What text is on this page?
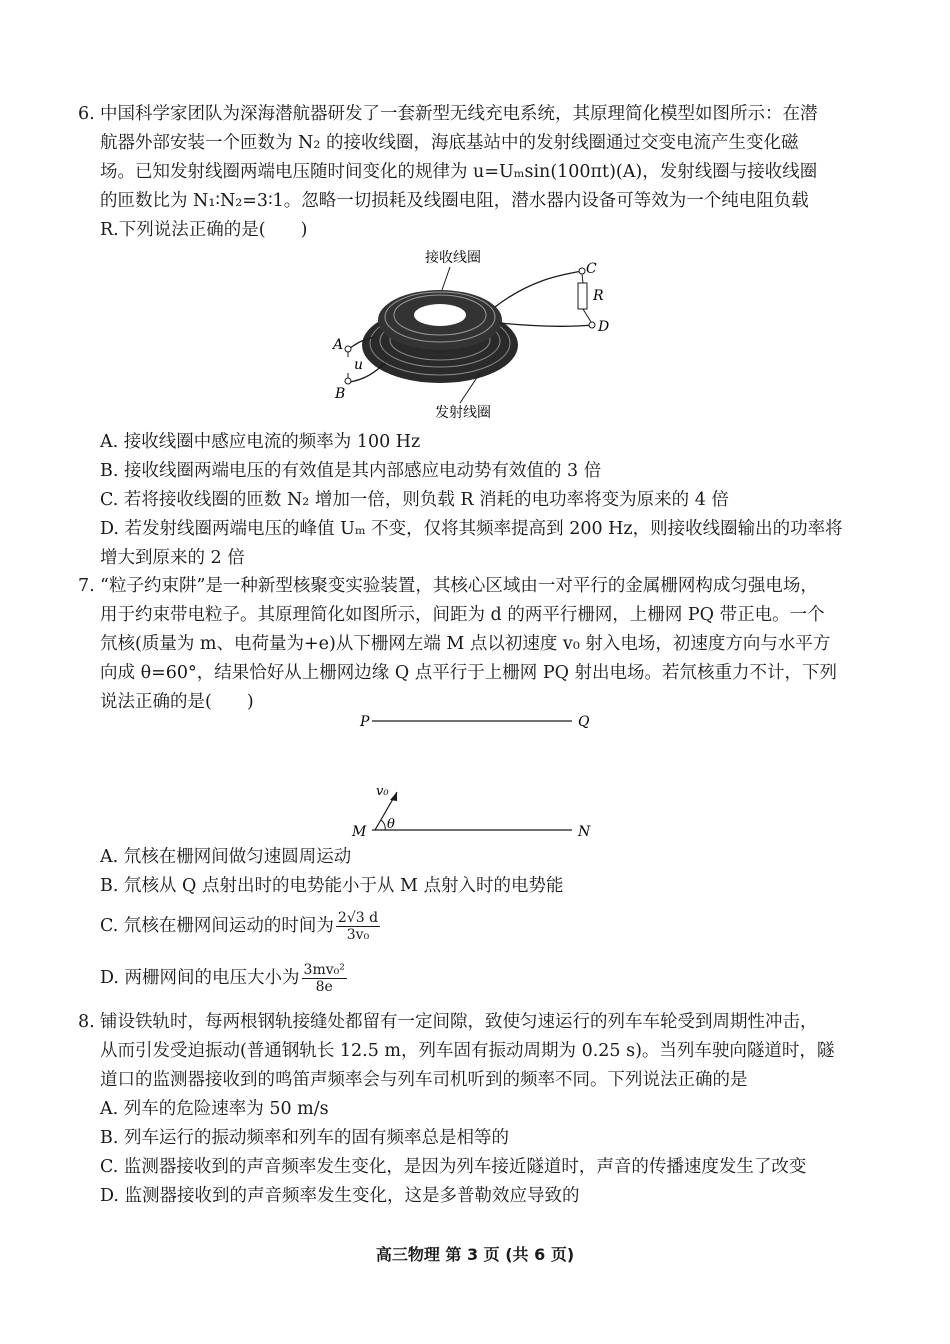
6. 中国科学家团队为深海潜航器研发了一套新型无线充电系统，其原理简化模型如图所示：在潜
航器外部安装一个匝数为 N₂ 的接收线圈，海底基站中的发射线圈通过交变电流产生变化磁
场。已知发射线圈两端电压随时间变化的规律为 u=Uₘsin(100πt)(A)，发射线圈与接收线圈
的匝数比为 N₁∶N₂=3∶1。忽略一切损耗及线圈电阻，潜水器内设备可等效为一个纯电阻负载
R.下列说法正确的是(　　)
接收线圈
发射线圈
A
B
C
D
R
u
A. 接收线圈中感应电流的频率为 100 Hz
B. 接收线圈两端电压的有效值是其内部感应电动势有效值的 3 倍
C. 若将接收线圈的匝数 N₂ 增加一倍，则负载 R 消耗的电功率将变为原来的 4 倍
D. 若发射线圈两端电压的峰值 Uₘ 不变，仅将其频率提高到 200 Hz，则接收线圈输出的功率将
增大到原来的 2 倍
7. “粒子约束阱”是一种新型核聚变实验装置，其核心区域由一对平行的金属栅网构成匀强电场，
用于约束带电粒子。其原理简化如图所示，间距为 d 的两平行栅网，上栅网 PQ 带正电。一个
氘核(质量为 m、电荷量为+e)从下栅网左端 M 点以初速度 v₀ 射入电场，初速度方向与水平方
向成 θ=60°，结果恰好从上栅网边缘 Q 点平行于上栅网 PQ 射出电场。若氘核重力不计，下列
说法正确的是(　　)
P	Q
M	N
v₀
θ
A. 氘核在栅网间做匀速圆周运动
B. 氘核从 Q 点射出时的电势能小于从 M 点射入时的电势能
C. 氘核在栅网间运动的时间为 $\frac{2√3 d}{\text{3v₀}}$
D. 两栅网间的电压大小为 $\frac{\text{3mv₀²}}{8e}$
8. 铺设铁轨时，每两根钢轨接缝处都留有一定间隙，致使匀速运行的列车车轮受到周期性冲击，
从而引发受迫振动(普通钢轨长 12.5 m，列车固有振动周期为 0.25 s)。当列车驶向隧道时，隧
道口的监测器接收到的鸣笛声频率会与列车司机听到的频率不同。下列说法正确的是
A. 列车的危险速率为 50 m/s
B. 列车运行的振动频率和列车的固有频率总是相等的
C. 监测器接收到的声音频率发生变化，是因为列车接近隧道时，声音的传播速度发生了改变
D. 监测器接收到的声音频率发生变化，这是多普勒效应导致的
高三物理 第 3 页 (共 6 页)
